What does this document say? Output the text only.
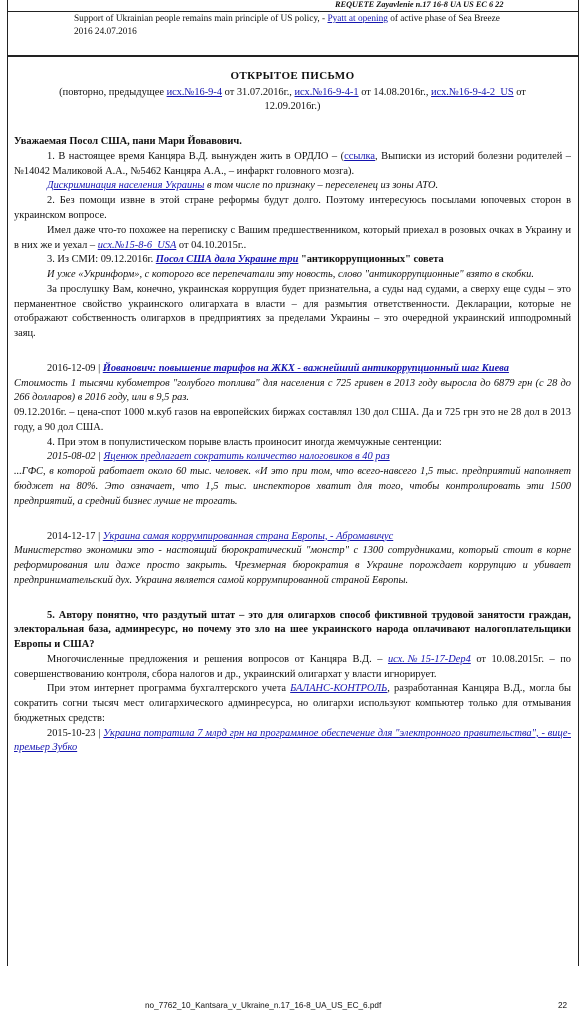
REQUETE Zayavlenie n.17 16-8 UA US EC 6 22
Support of Ukrainian people remains main principle of US policy, - Pyatt at opening of active phase of Sea Breeze
2016 24.07.2016
ОТКРЫТОЕ ПИСЬМО
(повторно, предыдущее исх.№16-9-4 от 31.07.2016г., исх.№16-9-4-1 от 14.08.2016г., исх.№16-9-4-2_US от
12.09.2016г.)

Уважаемая Посол США, пани Мари Йовавович.

1. В настоящее время Канцяра В.Д. вынужден жить в ОРДЛО – (ссылка, Выписки из историй болезни родителей – №14042 Маликовой А.А., №5462 Канцяра А.А., – инфаркт головного мозга).

Дискриминация населения Украины в том числе по признаку – переселенец из зоны АТО.

2. Без помощи извне в этой стране реформы будут долго. Поэтому интересуюсь посылами юпочевых сторон в украинском вопросе.

Имел даже что-то похожее на переписку с Вашим предшественником, который приехал в розовых очках в Украину и в них же и уехал – исх.№15-8-6_USA от 04.10.2015г..

3. Из СМИ: 09.12.2016г. Посол США дала Украине три "антикоррупционных" совета

И уже «Укринформ», с которого все перепечатали эту новость, слово "антикоррупционные" взято в скобки.

За прослушку Вам, конечно, украинская коррупция будет признательна, а суды над судами, а сверху еще суды – это перманентное свойство украинского олигархата в власти – для размытия ответственности. Декларации, которые не отображают собственность олигархов в предприятиях за пределами Украины – это очередной украинский ипподромный заяц.

2016-12-09 | Йованович: повышение тарифов на ЖКХ - важнейший антикоррупционный шаг Киева

Стоимость 1 тысячи кубометров "голубого топлива" для населения с 725 гривен в 2013 году выросла до 6879 грн (с 28 до 266 долларов) в 2016 году, или в 9,5 раз.

09.12.2016г. – цена-спот 1000 м.куб газов на европейских биржах составлял 130 дол США. Да и 725 грн это не 28 дол в 2013 году, а 90 дол США.

4. При этом в популистическом порыве власть проиносит иногда жемчужные сентенции:

2015-08-02 | Яценюк предлагает сократить количество налоговиков в 40 раз

...ГФС, в которой работает около 60 тыс. человек. «И это при том, что всего-навсего 1,5 тыс. предприятий наполняет бюджет на 80%. Это означает, что 1,5 тыс. инспекторов хватит для того, чтобы контролировать эти 1500 предприятий, а средний бизнес лучше не трогать.

2014-12-17 | Украина самая коррумпированная страна Европы, - Абромавичус

Министерство экономики это - настоящий бюрократический "монстр" с 1300 сотрудниками, который стоит в корне реформирования или даже просто закрыть. Чрезмерная бюрократия в Украине порождает коррупцию и убивает предпринимательский дух. Украина является самой коррумпированной страной Европы.

5. Автору понятно, что раздутый штат – это для олигархов способ фиктивной трудовой занятости граждан, электоральная база, админресурс, но почему это зло на шее украинского народа оплачивают налогоплательщики Европы и США?

Многочисленные предложения и решения вопросов от Канцяра В.Д. – исх.№15-17-Dep4 от 10.08.2015г. – по совершенствованию контроля, сбора налогов и др., украинский олигархат у власти игнорирует.

При этом интернет программа бухгалтерского учета БАЛАНС-КОНТРОЛЬ, разработанная Канцяра В.Д., могла бы сократить согни тысяч мест олигархического админресурса, но олигархи используют компьютер только для отмывания бюджетных средств:

2015-10-23 | Украина потратила 7 млрд грн на программное обеспечение для "электронного правительства", - вице-премьер Зубко

no_7762_10_Kantsara_v_Ukraine_n.17_16-8_UA_US_EC_6.pdf	22
